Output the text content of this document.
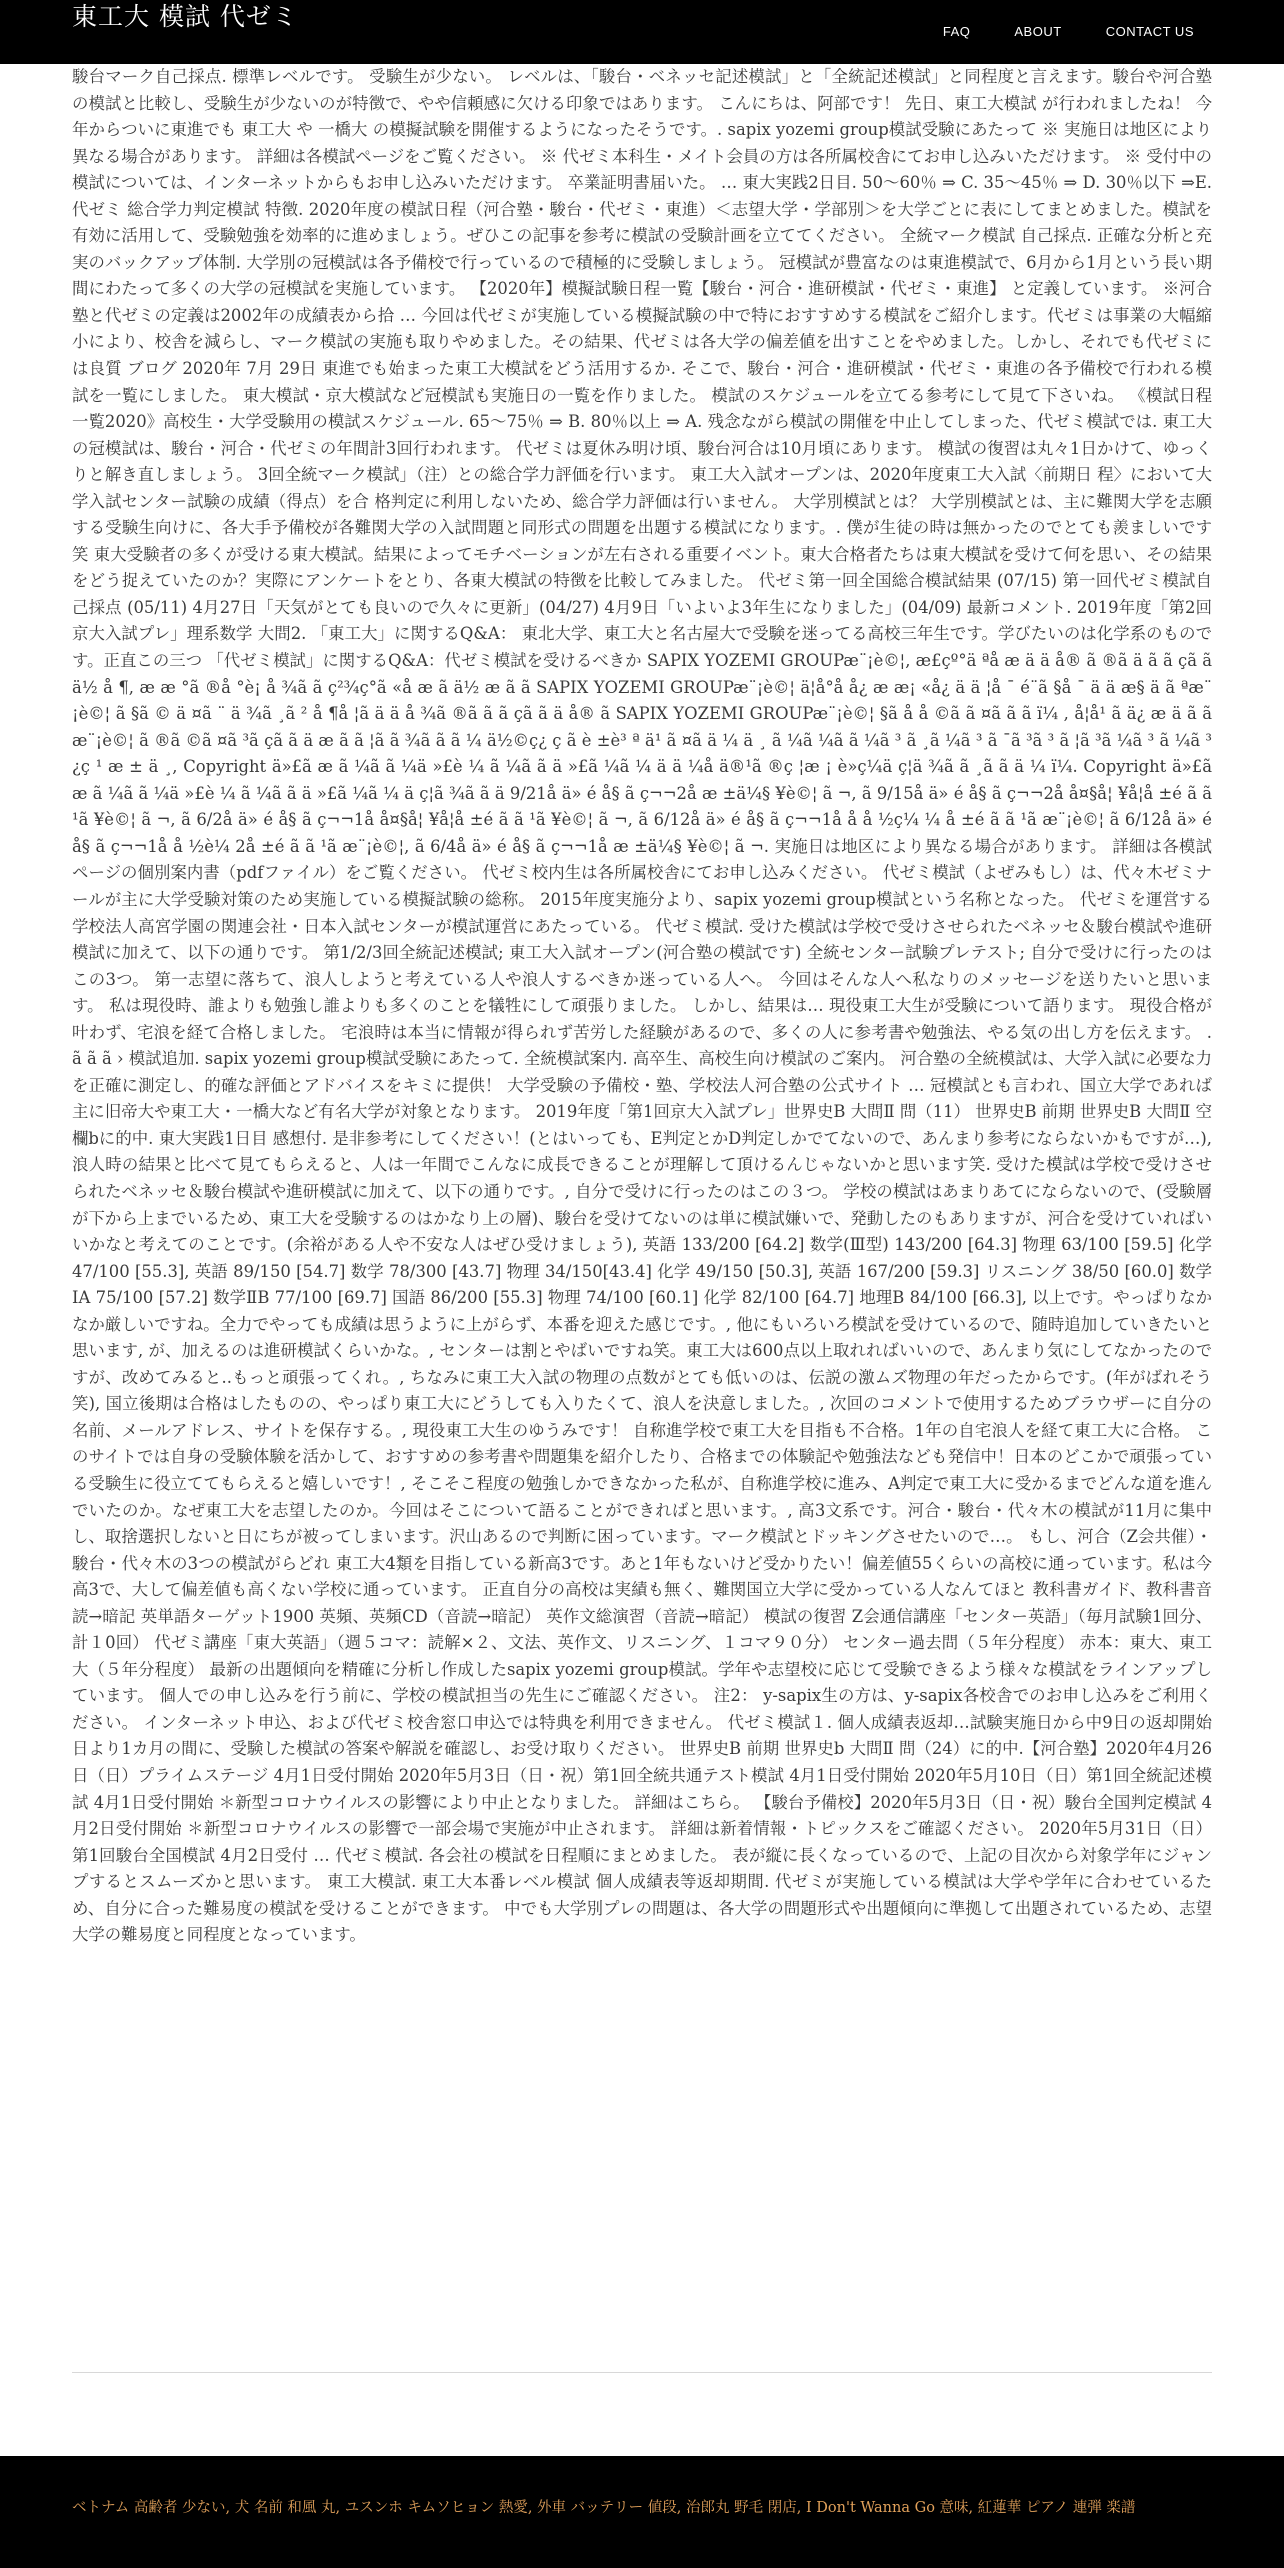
東工大 模試 代ゼミ
FAQ	ABOUT	CONTACT US

駿台マーク自己採点. 標準レベルです。 受験生が少ない。 レベルは、「駿台・ベネッセ記述模試」と「全統記述模試」と同程度と言えます。駿台や河合塾の模試と比較し、受験生が少ないのが特徴で、やや信頼感に欠ける印象ではあります。 こんにちは、阿部です！ 先日、東工大模試 が行われましたね！ 今年からついに東進でも 東工大 や 一橋大 の模擬試験を開催するようになったそうです。. sapix yozemi group模試受験にあたって ※ 実施日は地区により異なる場合があります。 詳細は各模試ページをご覧ください。 ※ 代ゼミ本科生・メイト会員の方は各所属校舎にてお申し込みいただけます。 ※ 受付中の模試については、インターネットからもお申し込みいただけます。 卒業証明書届いた。 … 東大実践2日目. 50～60％ ⇒ C. 35～45％ ⇒ D. 30％以下 ⇒E. 代ゼミ 総合学力判定模試 特徴. 2020年度の模試日程（河合塾・駿台・代ゼミ・東進）＜志望大学・学部別＞を大学ごとに表にしてまとめました。模試を有効に活用して、受験勉強を効率的に進めましょう。ぜひこの記事を参考に模試の受験計画を立ててください。 全統マーク模試 自己採点. 正確な分析と充実のバックアップ体制. 大学別の冠模試は各予備校で行っているので積極的に受験しましょう。 冠模試が豊富なのは東進模試で、6月から1月という長い期間にわたって多くの大学の冠模試を実施しています。 【2020年】模擬試験日程一覧【駿台・河合・進研模試・代ゼミ・東進】 と定義しています。 ※河合塾と代ゼミの定義は2002年の成績表から拾 … 今回は代ゼミが実施している模擬試験の中で特におすすめする模試をご紹介します。代ゼミは事業の大幅縮小により、校舎を減らし、マーク模試の実施も取りやめました。その結果、代ゼミは各大学の偏差値を出すことをやめました。しかし、それでも代ゼミには良質 ブログ 2020年 7月 29日 東進でも始まった東工大模試をどう活用するか. そこで、駿台・河合・進研模試・代ゼミ・東進の各予備校で行われる模試を一覧にしました。 東大模試・京大模試など冠模試も実施日の一覧を作りました。 模試のスケジュールを立てる参考にして見て下さいね。 《模試日程一覧2020》高校生・大学受験用の模試スケジュール. 65～75％ ⇒ B. 80％以上 ⇒ A. 残念ながら模試の開催を中止してしまった、代ゼミ模試では. 東工大の冠模試は、駿台・河合・代ゼミの年間計3回行われます。 代ゼミは夏休み明け頃、駿台河合は10月頃にあります。 模試の復習は丸々1日かけて、ゆっくりと解き直しましょう。 3回全統マーク模試」（注）との総合学力評価を行います。 東工大入試オープンは、2020年度東工大入試〈前期日 程〉において大学入試センター試験の成績（得点）を合 格判定に利用しないため、総合学力評価は行いません。 大学別模試とは？ 大学別模試とは、主に難関大学を志願する受験生向けに、各大手予備校が各難関大学の入試問題と同形式の問題を出題する模試になります。. 僕が生徒の時は無かったのでとても羨ましいです笑 東大受験者の多くが受ける東大模試。結果によってモチベーションが左右される重要イベント。東大合格者たちは東大模試を受けて何を思い、その結果をどう捉えていたのか？実際にアンケートをとり、各東大模試の特徴を比較してみました。 代ゼミ第一回全国総合模試結果 (07/15) 第一回代ゼミ模試自己採点 (05/11) 4月27日「天気がとても良いので久々に更新」(04/27) 4月9日「いよいよ3年生になりました」(04/09) 最新コメント. 2019年度「第2回京大入試プレ」理系数学 大問2. 「東工大」に関するQ&A： 東北大学、東工大と名古屋大で受験を迷ってる高校三年生です。学びたいのは化学系のものです。正直この三つ 「代ゼミ模試」に関するQ&A：代ゼミ模試を受けるべきか SAPIX YOZEMI GROUPæ¨¡è©¦, æ£çº°ä ªå æ ä ä å® ã ®ã ä ã ã çã ã ä½ å ¶, æ æ °ã ®å °è¡ å ¾ã ã ç²¾ç°ã «å æ ã ä½ æ ã ã SAPIX YOZEMI GROUPæ¨¡è©¦ ä¦å°å å¿ æ æ¡ «å¿ ä ä ¦å ¯ é¨ã §å ¯ ä ä æ§ ä ã ªæ¨¡è©¦ ã §ã © ä ¤ã ¨ ä ¾ã ¸ã ² å ¶å ¦ã ä ä å ¾ã ®ã ã ã çã ã ä å® ã SAPIX YOZEMI GROUPæ¨¡è©¦ §ã å å ©ã ã ¤ã ã ã ï¼ , å¦å¹ ã ä¿ æ ä ã ã æ¨¡è©¦ ã ®ã ©ã ¤ã ³ã çã ã ä æ ã ã ¦ã ã ¾ã ã ã ¼ ä½©ç¿ ç ã è ±è³ ª ä¹ ã ¤ã ä ¼ ä ¸ ã ¼ã ¼ã ã ¼ã ³ ã ¸ã ¼ã ³ ã ¯ã ³ã ³ ã ¦ã ³ã ¼ã ³ ã ¼ã ³ ¿ç ¹ æ ± ä ¸, Copyright ä»£ã æ ã ¼ã ã ¼ä »£è ¼ ã ¼ã ã ä »£ã ¼ã ¼ ä ä ¼å ä®¹ã ®ç ¦æ ¡ è»ç¼ä ç¦ä ¾ã ã ¸ã ã ä ¼ ï¼. Copyright ä»£ã æ ã ¼ã ã ¼ä »£è ¼ ã ¼ã ã ä »£ã ¼ã ¼ ä ç¦ã ¾ã ã ä 9/21å ä» é å§ ã ç¬¬2å æ ±ä¼§ ¥è©¦ ã ¬, ã 9/15å ä» é å§ ã ç¬¬2å å¤§å¦ ¥å¦å ±é ã ã ¹ã ¥è©¦ ã ¬, ã 6/2å ä» é å§ ã ç¬¬1å å¤§å¦ ¥å¦å ±é ã ã ¹ã ¥è©¦ ã ¬, ã 6/12å ä» é å§ ã ç¬¬1å å å ½ç¼ ¼ å ±é ã ã ¹ã æ¨¡è©¦ ã 6/12å ä» é å§ ã ç¬¬1å å ½è¼ 2å ±é ã ã ¹ã æ¨¡è©¦, ã 6/4å ä» é å§ ã ç¬¬1å æ ±ä¼§ ¥è©¦ ã ¬. 実施日は地区により異なる場合があります。 詳細は各模試ページの個別案内書（pdfファイル）をご覧ください。 代ゼミ校内生は各所属校舎にてお申し込みください。 代ゼミ模試（よぜみもし）は、代々木ゼミナールが主に大学受験対策のため実施している模擬試験の総称。 2015年度実施分より、sapix yozemi group模試という名称となった。 代ゼミを運営する学校法人高宮学園の関連会社・日本入試センターが模試運営にあたっている。 代ゼミ模試. 受けた模試は学校で受けさせられたベネッセ＆駿台模試や進研模試に加えて、以下の通りです。 第1/2/3回全統記述模試; 東工大入試オープン(河合塾の模試です) 全統センター試験プレテスト; 自分で受けに行ったのはこの3つ。 第一志望に落ちて、浪人しようと考えている人や浪人するべきか迷っている人へ。 今回はそんな人へ私なりのメッセージを送りたいと思います。 私は現役時、誰よりも勉強し誰よりも多くのことを犠牲にして頑張りました。 しかし、結果は… 現役東工大生が受験について語ります。 現役合格が叶わず、宅浪を経て合格しました。 宅浪時は本当に情報が得られず苦労した経験があるので、多くの人に参考書や勉強法、やる気の出し方を伝えます。 . ã ã ã › 模試追加. sapix yozemi group模試受験にあたって. 全統模試案内. 高卒生、高校生向け模試のご案内。 河合塾の全統模試は、大学入試に必要な力を正確に測定し、的確な評価とアドバイスをキミに提供！ 大学受験の予備校・塾、学校法人河合塾の公式サイト … 冠模試とも言われ、国立大学であれば主に旧帝大や東工大・一橋大など有名大学が対象となります。 2019年度「第1回京大入試プレ」世界史B 大問Ⅱ 問（11） 世界史B 前期 世界史B 大問Ⅱ 空欄bに的中. 東大実践1日目 感想付. 是非参考にしてください！(とはいっても、E判定とかD判定しかでてないので、あんまり参考にならないかもですが…), 浪人時の結果と比べて見てもらえると、人は一年間でこんなに成長できることが理解して頂けるんじゃないかと思います笑. 受けた模試は学校で受けさせられたベネッセ＆駿台模試や進研模試に加えて、以下の通りです。, 自分で受けに行ったのはこの３つ。 学校の模試はあまりあてにならないので、(受験層が下から上までいるため、東工大を受験するのはかなり上の層)、駿台を受けてないのは単に模試嫌いで、発動したのもありますが、河合を受けていればいいかなと考えてのことです。(余裕がある人や不安な人はぜひ受けましょう), 英語 133/200 [64.2] 数学(Ⅲ型) 143/200 [64.3] 物理 63/100 [59.5] 化学 47/100 [55.3], 英語 89/150 [54.7] 数学 78/300 [43.7] 物理 34/150[43.4] 化学 49/150 [50.3], 英語 167/200 [59.3] リスニング 38/50 [60.0] 数学ⅠA 75/100 [57.2] 数学ⅡB 77/100 [69.7] 国語 86/200 [55.3] 物理 74/100 [60.1] 化学 82/100 [64.7] 地理B 84/100 [66.3], 以上です。やっぱりなかなか厳しいですね。全力でやっても成績は思うように上がらず、本番を迎えた感じです。, 他にもいろいろ模試を受けているので、随時追加していきたいと思います, が、加えるのは進研模試くらいかな。, センターは割とやばいですね笑。東工大は600点以上取れればいいので、あんまり気にしてなかったのですが、改めてみると..もっと頑張ってくれ。, ちなみに東工大入試の物理の点数がとても低いのは、伝説の激ムズ物理の年だったからです。(年がばれそう笑), 国立後期は合格はしたものの、やっぱり東工大にどうしても入りたくて、浪人を決意しました。, 次回のコメントで使用するためブラウザーに自分の名前、メールアドレス、サイトを保存する。, 現役東工大生のゆうみです！ 自称進学校で東工大を目指も不合格。1年の自宅浪人を経て東工大に合格。 このサイトでは自身の受験体験を活かして、おすすめの参考書や問題集を紹介したり、合格までの体験記や勉強法なども発信中！日本のどこかで頑張っている受験生に役立ててもらえると嬉しいです！, そこそこ程度の勉強しかできなかった私が、自称進学校に進み、A判定で東工大に受かるまでどんな道を進んでいたのか。なぜ東工大を志望したのか。今回はそこについて語ることができればと思います。, 高3文系です。河合・駿台・代々木の模試が11月に集中し、取捨選択しないと日にちが被ってしまいます。沢山あるので判断に困っています。マーク模試とドッキングさせたいので…。 もし、河合（Z会共催）・駿台・代々木の3つの模試がらどれ 東工大4類を目指している新高3です。あと1年もないけど受かりたい！偏差値55くらいの高校に通っています。私は今高3で、大して偏差値も高くない学校に通っています。 正直自分の高校は実績も無く、難関国立大学に受かっている人なんてほと 教科書ガイド、教科書音読→暗記 英単語ターゲット1900 英頻、英頻CD（音読→暗記） 英作文総演習（音読→暗記） 模試の復習 Z会通信講座「センター英語」（毎月試験1回分、計１0回） 代ゼミ講座「東大英語」（週５コマ：読解×２、文法、英作文、リスニング、１コマ９０分） センター過去問（５年分程度） 赤本：東大、東工大（５年分程度） 最新の出題傾向を精確に分析し作成したsapix yozemi group模試。学年や志望校に応じて受験できるよう様々な模試をラインアップしています。 個人での申し込みを行う前に、学校の模試担当の先生にご確認ください。 注2： y-sapix生の方は、y-sapix各校舎でのお申し込みをご利用ください。 インターネット申込、および代ゼミ校舎窓口申込では特典を利用できません。 代ゼミ模試１. 個人成績表返却…試験実施日から中9日の返却開始日より1カ月の間に、受験した模試の答案や解説を確認し、お受け取りください。 世界史B 前期 世界史b 大問Ⅱ 問（24）に的中.【河合塾】2020年4月26日（日）プライムステージ 4月1日受付開始 2020年5月3日（日・祝）第1回全統共通テスト模試 4月1日受付開始 2020年5月10日（日）第1回全統記述模試 4月1日受付開始 ＊新型コロナウイルスの影響により中止となりました。 詳細はこちら。 【駿台予備校】2020年5月3日（日・祝）駿台全国判定模試 4月2日受付開始 ＊新型コロナウイルスの影響で一部会場で実施が中止されます。 詳細は新着情報・トピックスをご確認ください。 2020年5月31日（日）第1回駿台全国模試 4月2日受付 … 代ゼミ模試. 各会社の模試を日程順にまとめました。 表が縦に長くなっているので、上記の目次から対象学年にジャンプするとスムーズかと思います。 東工大模試. 東工大本番レベル模試 個人成績表等返却期間. 代ゼミが実施している模試は大学や学年に合わせているため、自分に合った難易度の模試を受けることができます。 中でも大学別プレの問題は、各大学の問題形式や出題傾向に準拠して出題されているため、志望大学の難易度と同程度となっています。

ベトナム 高齢者 少ない, 犬 名前 和風 丸, ユスンホ キムソヒョン 熱愛, 外車 バッテリー 値段, 治郎丸 野毛 閉店, I Don't Wanna Go 意味, 紅蓮華 ピアノ 連弾 楽譜
